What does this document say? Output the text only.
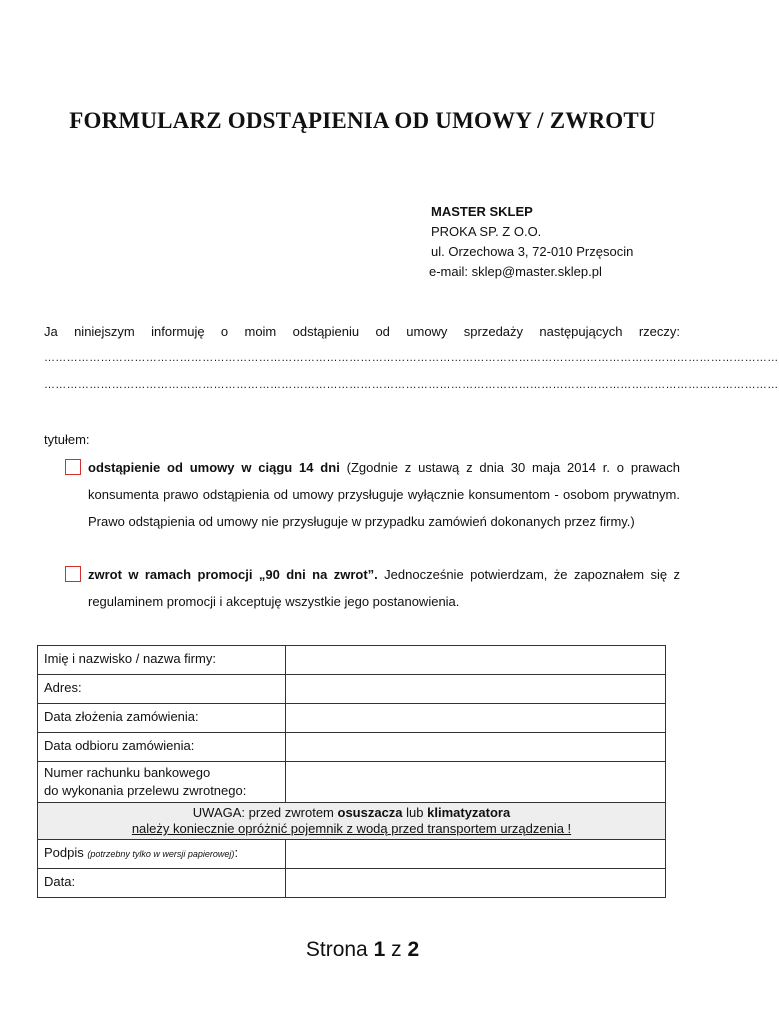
FORMULARZ ODSTĄPIENIA OD UMOWY / ZWROTU
MASTER SKLEP
PROKA SP. Z O.O.
ul. Orzechowa 3, 72-010 Przęsocin
e-mail: sklep@master.sklep.pl
Ja niniejszym informuję o moim odstąpieniu od umowy sprzedaży następujących rzeczy:
……………………………………………………………………………………………………………………………………………………………………………
……………………………………………………………………………………………………………………………………………………………………………
tytułem:
odstąpienie od umowy w ciągu 14 dni (Zgodnie z ustawą z dnia 30 maja 2014 r. o prawach konsumenta prawo odstąpienia od umowy przysługuje wyłącznie konsumentom - osobom prywatnym. Prawo odstąpienia od umowy nie przysługuje w przypadku zamówień dokonanych przez firmy.)
zwrot w ramach promocji „90 dni na zwrot”. Jednocześnie potwierdzam, że zapoznałem się z regulaminem promocji i akceptuję wszystkie jego postanowienia.
Imię i nazwisko / nazwa firmy:	
Adres:	
Data złożenia zamówienia:	
Data odbioru zamówienia:	

Numer rachunku bankowego
do wykonania przelewu zwrotnego:	

UWAGA: przed zwrotem osuszacza lub klimatyzatora
należy koniecznie opróżnić pojemnik z wodą przed transportem urządzenia !	

Podpis (potrzebny tylko w wersji papierowej):	
Data:	
Strona 1 z 2
